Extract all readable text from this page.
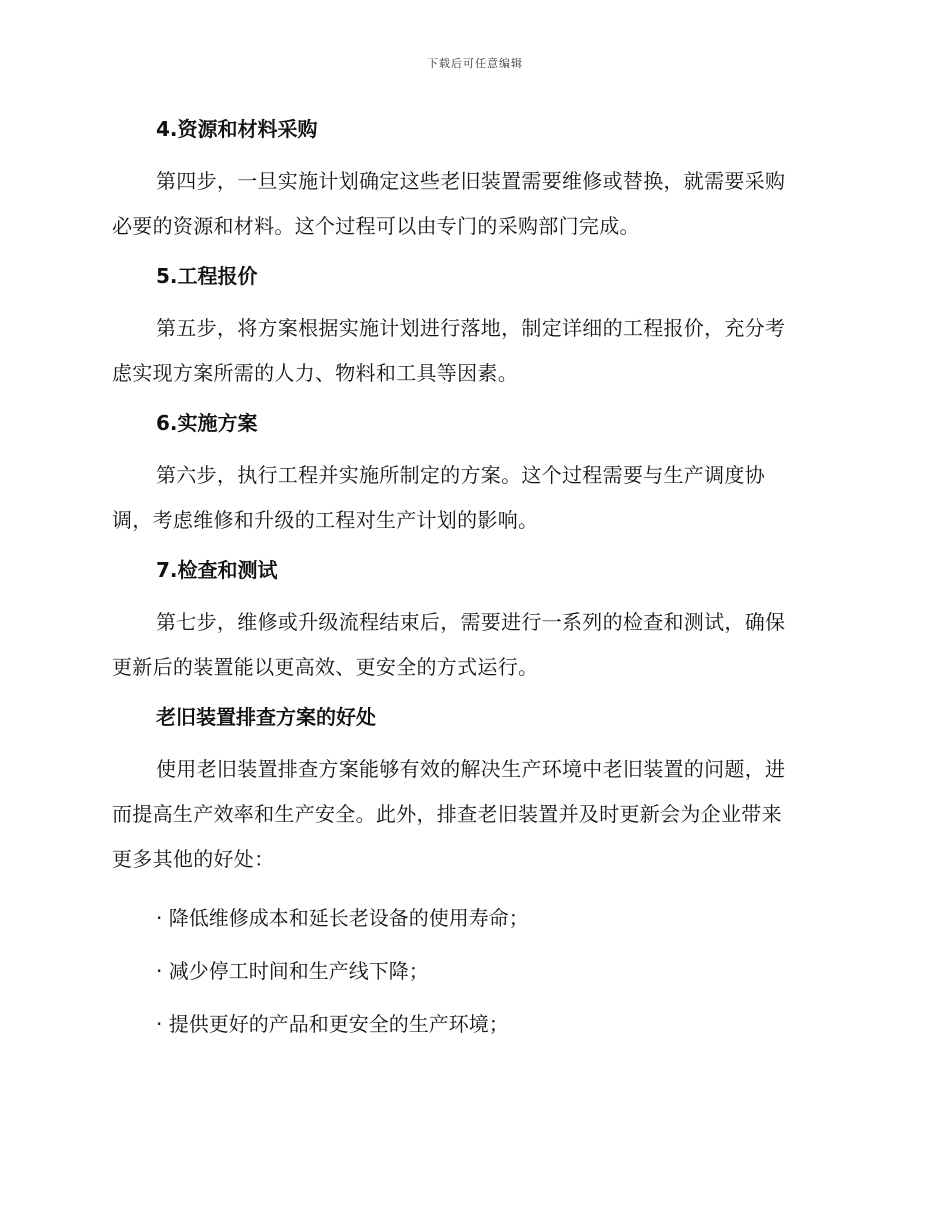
下载后可任意编辑
4.资源和材料采购
第四步，一旦实施计划确定这些老旧装置需要维修或替换，就需要采购
必要的资源和材料。这个过程可以由专门的采购部门完成。
5.工程报价
第五步，将方案根据实施计划进行落地，制定详细的工程报价，充分考
虑实现方案所需的人力、物料和工具等因素。
6.实施方案
第六步，执行工程并实施所制定的方案。这个过程需要与生产调度协
调，考虑维修和升级的工程对生产计划的影响。
7.检查和测试
第七步，维修或升级流程结束后，需要进行一系列的检查和测试，确保
更新后的装置能以更高效、更安全的方式运行。
老旧装置排查方案的好处
使用老旧装置排查方案能够有效的解决生产环境中老旧装置的问题，进
而提高生产效率和生产安全。此外，排查老旧装置并及时更新会为企业带来
更多其他的好处：
· 降低维修成本和延长老设备的使用寿命；
· 减少停工时间和生产线下降；
· 提供更好的产品和更安全的生产环境；
